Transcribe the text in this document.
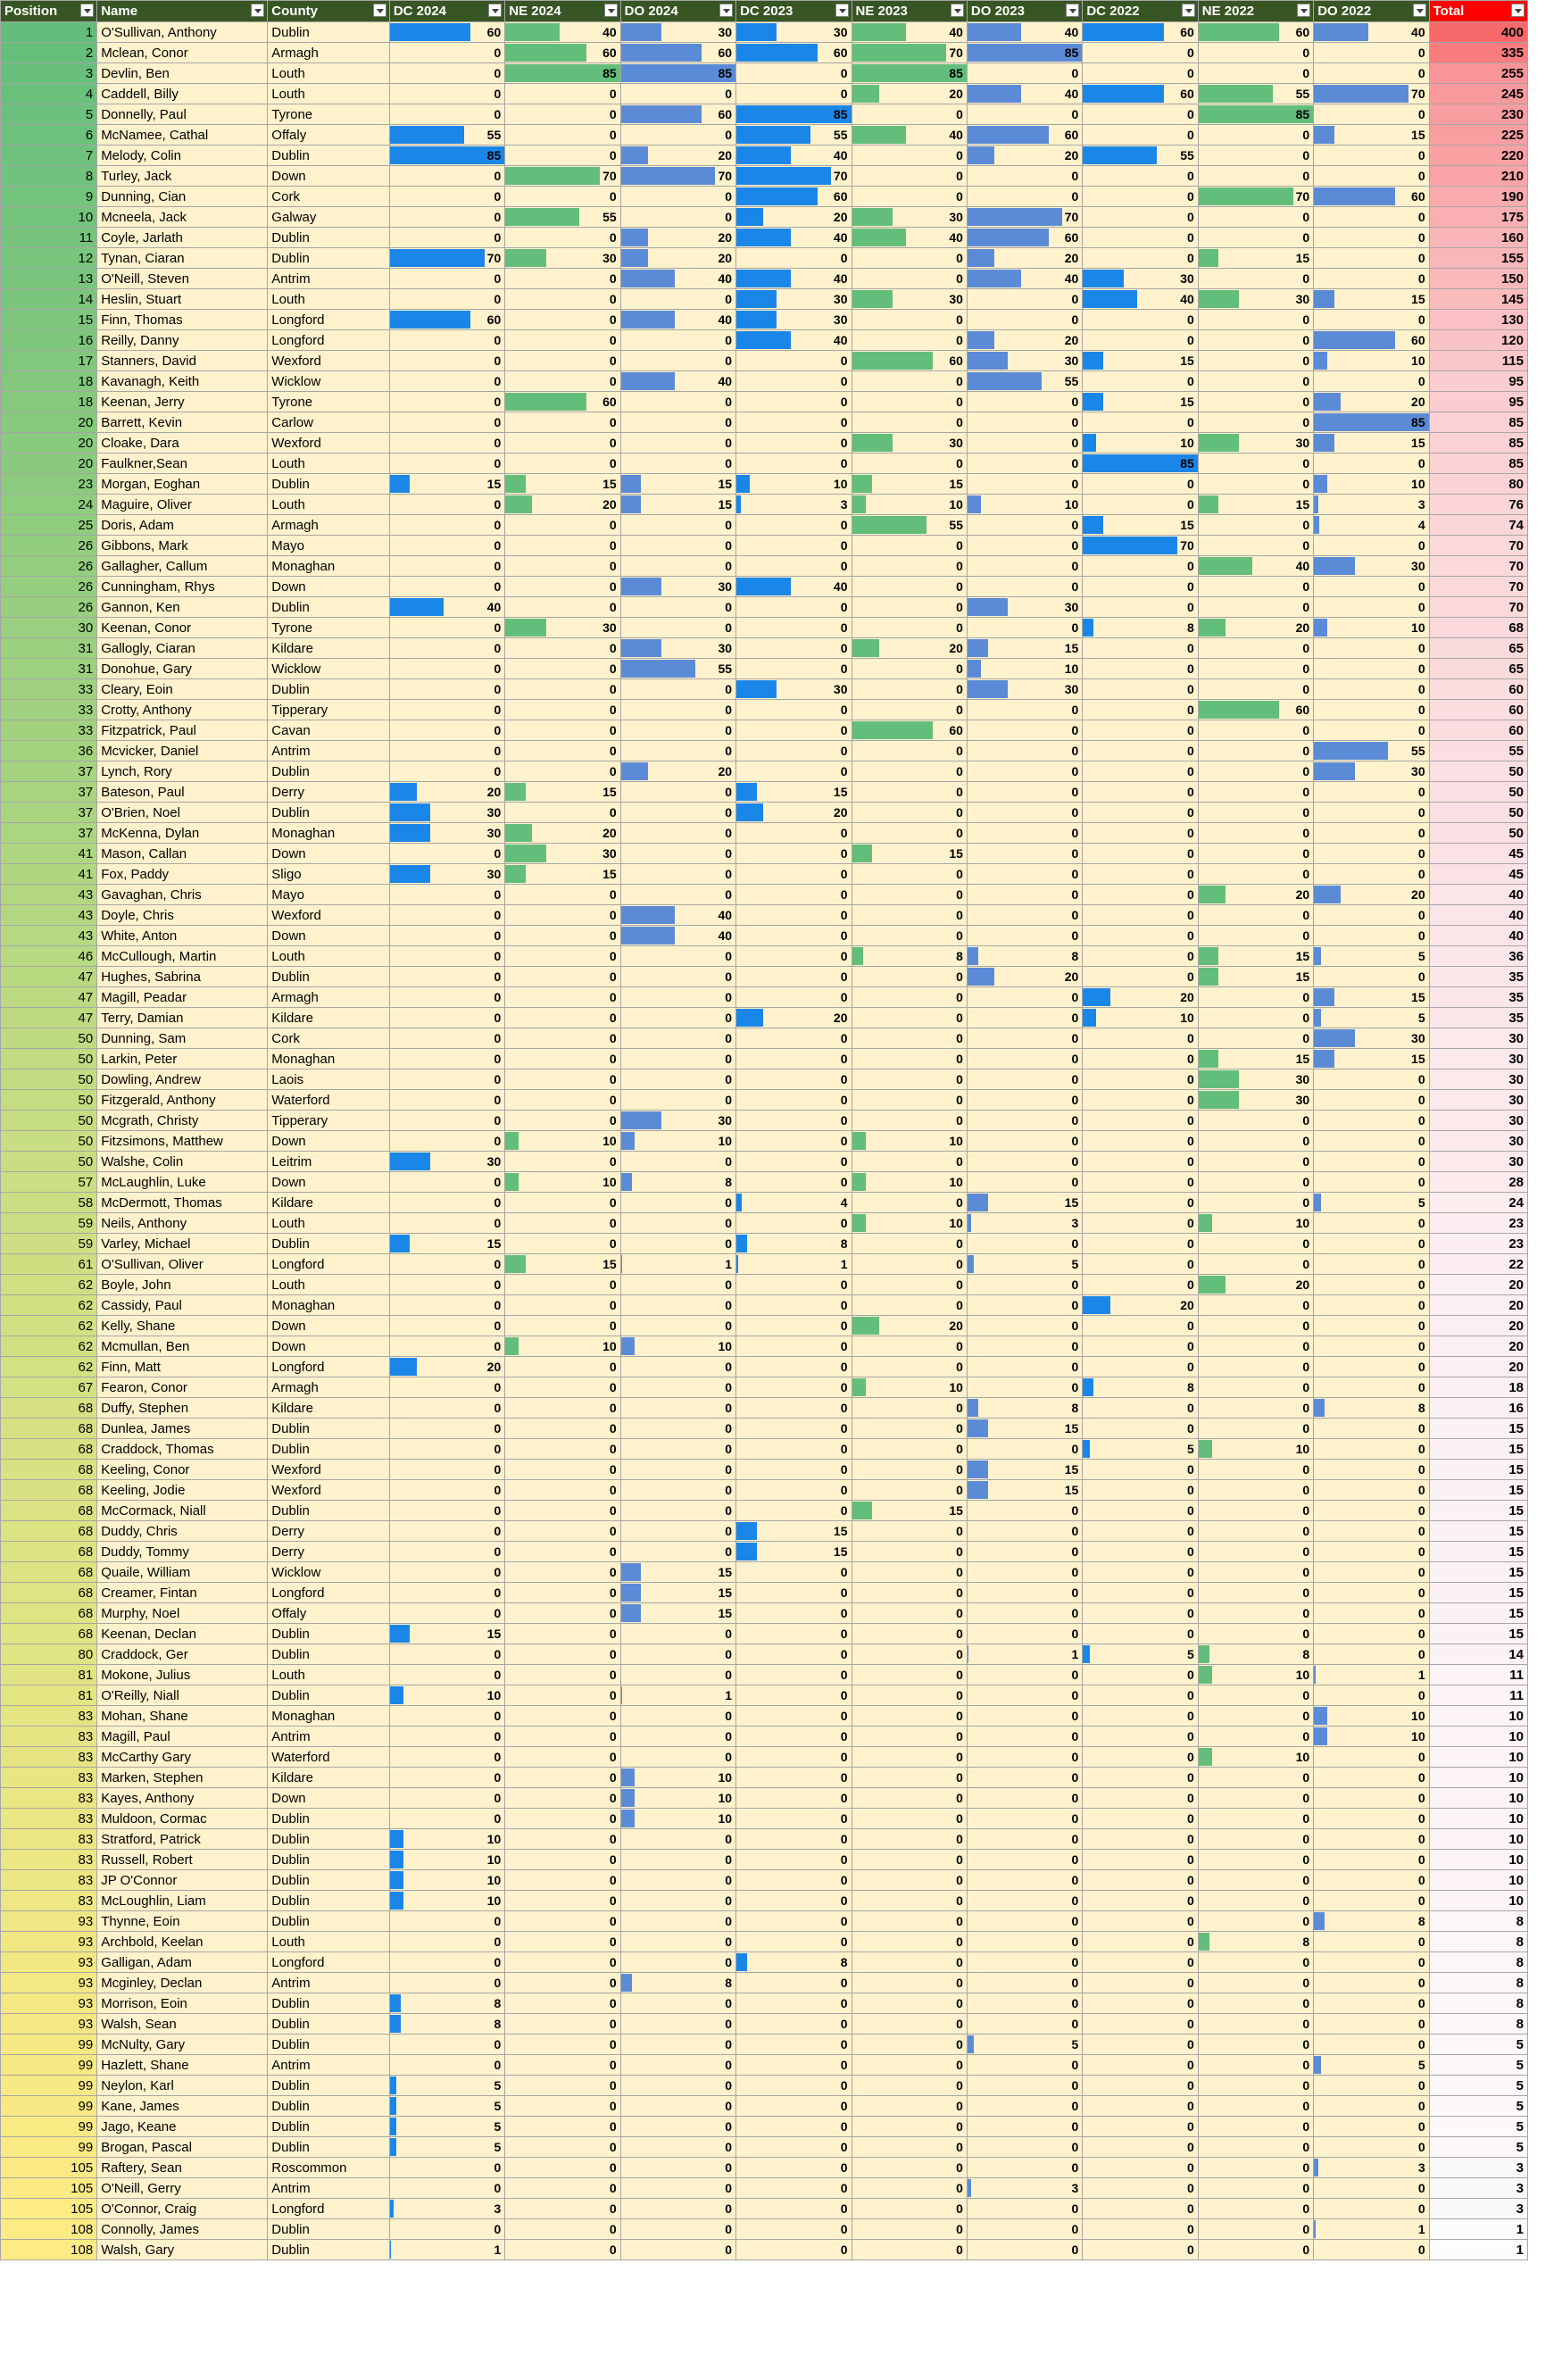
Position	Name	County	DC 2024	NE 2024	DO 2024	DC 2023	NE 2023	DO 2023	DC 2022	NE 2022	DO 2022	Total

1	O'Sullivan, Anthony	Dublin	60	40	30	30	40	40	60	60	40	400
2	Mclean, Conor	Armagh	0	60	60	60	70	85	0	0	0	335
3	Devlin, Ben	Louth	0	85	85	0	85	0	0	0	0	255
4	Caddell, Billy	Louth	0	0	0	0	20	40	60	55	70	245
5	Donnelly, Paul	Tyrone	0	0	60	85	0	0	0	85	0	230
6	McNamee, Cathal	Offaly	55	0	0	55	40	60	0	0	15	225
7	Melody, Colin	Dublin	85	0	20	40	0	20	55	0	0	220
8	Turley, Jack	Down	0	70	70	70	0	0	0	0	0	210
9	Dunning, Cian	Cork	0	0	0	60	0	0	0	70	60	190
10	Mcneela, Jack	Galway	0	55	0	20	30	70	0	0	0	175
11	Coyle, Jarlath	Dublin	0	0	20	40	40	60	0	0	0	160
12	Tynan, Ciaran	Dublin	70	30	20	0	0	20	0	15	0	155
13	O'Neill, Steven	Antrim	0	0	40	40	0	40	30	0	0	150
14	Heslin, Stuart	Louth	0	0	0	30	30	0	40	30	15	145
15	Finn, Thomas	Longford	60	0	40	30	0	0	0	0	0	130
16	Reilly, Danny	Longford	0	0	0	40	0	20	0	0	60	120
17	Stanners, David	Wexford	0	0	0	0	60	30	15	0	10	115
18	Kavanagh, Keith	Wicklow	0	0	40	0	0	55	0	0	0	95
18	Keenan, Jerry	Tyrone	0	60	0	0	0	0	15	0	20	95
20	Barrett, Kevin	Carlow	0	0	0	0	0	0	0	0	85	85
20	Cloake, Dara	Wexford	0	0	0	0	30	0	10	30	15	85
20	Faulkner,Sean	Louth	0	0	0	0	0	0	85	0	0	85
23	Morgan, Eoghan	Dublin	15	15	15	10	15	0	0	0	10	80
24	Maguire, Oliver	Louth	0	20	15	3	10	10	0	15	3	76
25	Doris, Adam	Armagh	0	0	0	0	55	0	15	0	4	74
26	Gibbons, Mark	Mayo	0	0	0	0	0	0	70	0	0	70
26	Gallagher, Callum	Monaghan	0	0	0	0	0	0	0	40	30	70
26	Cunningham, Rhys	Down	0	0	30	40	0	0	0	0	0	70
26	Gannon, Ken	Dublin	40	0	0	0	0	30	0	0	0	70
30	Keenan, Conor	Tyrone	0	30	0	0	0	0	8	20	10	68
31	Gallogly, Ciaran	Kildare	0	0	30	0	20	15	0	0	0	65
31	Donohue, Gary	Wicklow	0	0	55	0	0	10	0	0	0	65
33	Cleary, Eoin	Dublin	0	0	0	30	0	30	0	0	0	60
33	Crotty, Anthony	Tipperary	0	0	0	0	0	0	0	60	0	60
33	Fitzpatrick, Paul	Cavan	0	0	0	0	60	0	0	0	0	60
36	Mcvicker, Daniel	Antrim	0	0	0	0	0	0	0	0	55	55
37	Lynch, Rory	Dublin	0	0	20	0	0	0	0	0	30	50
37	Bateson, Paul	Derry	20	15	0	15	0	0	0	0	0	50
37	O'Brien, Noel	Dublin	30	0	0	20	0	0	0	0	0	50
37	McKenna, Dylan	Monaghan	30	20	0	0	0	0	0	0	0	50
41	Mason, Callan	Down	0	30	0	0	15	0	0	0	0	45
41	Fox, Paddy	Sligo	30	15	0	0	0	0	0	0	0	45
43	Gavaghan, Chris	Mayo	0	0	0	0	0	0	0	20	20	40
43	Doyle, Chris	Wexford	0	0	40	0	0	0	0	0	0	40
43	White, Anton	Down	0	0	40	0	0	0	0	0	0	40
46	McCullough, Martin	Louth	0	0	0	0	8	8	0	15	5	36
47	Hughes, Sabrina	Dublin	0	0	0	0	0	20	0	15	0	35
47	Magill, Peadar	Armagh	0	0	0	0	0	0	20	0	15	35
47	Terry, Damian	Kildare	0	0	0	20	0	0	10	0	5	35
50	Dunning, Sam	Cork	0	0	0	0	0	0	0	0	30	30
50	Larkin, Peter	Monaghan	0	0	0	0	0	0	0	15	15	30
50	Dowling, Andrew	Laois	0	0	0	0	0	0	0	30	0	30
50	Fitzgerald, Anthony	Waterford	0	0	0	0	0	0	0	30	0	30
50	Mcgrath, Christy	Tipperary	0	0	30	0	0	0	0	0	0	30
50	Fitzsimons, Matthew	Down	0	10	10	0	10	0	0	0	0	30
50	Walshe, Colin	Leitrim	30	0	0	0	0	0	0	0	0	30
57	McLaughlin, Luke	Down	0	10	8	0	10	0	0	0	0	28
58	McDermott, Thomas	Kildare	0	0	0	4	0	15	0	0	5	24
59	Neils, Anthony	Louth	0	0	0	0	10	3	0	10	0	23
59	Varley, Michael	Dublin	15	0	0	8	0	0	0	0	0	23
61	O'Sullivan, Oliver	Longford	0	15	1	1	0	5	0	0	0	22
62	Boyle, John	Louth	0	0	0	0	0	0	0	20	0	20
62	Cassidy, Paul	Monaghan	0	0	0	0	0	0	20	0	0	20
62	Kelly, Shane	Down	0	0	0	0	20	0	0	0	0	20
62	Mcmullan, Ben	Down	0	10	10	0	0	0	0	0	0	20
62	Finn, Matt	Longford	20	0	0	0	0	0	0	0	0	20
67	Fearon, Conor	Armagh	0	0	0	0	10	0	8	0	0	18
68	Duffy, Stephen	Kildare	0	0	0	0	0	8	0	0	8	16
68	Dunlea, James	Dublin	0	0	0	0	0	15	0	0	0	15
68	Craddock, Thomas	Dublin	0	0	0	0	0	0	5	10	0	15
68	Keeling, Conor	Wexford	0	0	0	0	0	15	0	0	0	15
68	Keeling, Jodie	Wexford	0	0	0	0	0	15	0	0	0	15
68	McCormack, Niall	Dublin	0	0	0	0	15	0	0	0	0	15
68	Duddy, Chris	Derry	0	0	0	15	0	0	0	0	0	15
68	Duddy, Tommy	Derry	0	0	0	15	0	0	0	0	0	15
68	Quaile, William	Wicklow	0	0	15	0	0	0	0	0	0	15
68	Creamer, Fintan	Longford	0	0	15	0	0	0	0	0	0	15
68	Murphy, Noel	Offaly	0	0	15	0	0	0	0	0	0	15
68	Keenan, Declan	Dublin	15	0	0	0	0	0	0	0	0	15
80	Craddock, Ger	Dublin	0	0	0	0	0	1	5	8	0	14
81	Mokone, Julius	Louth	0	0	0	0	0	0	0	10	1	11
81	O'Reilly, Niall	Dublin	10	0	1	0	0	0	0	0	0	11
83	Mohan, Shane	Monaghan	0	0	0	0	0	0	0	0	10	10
83	Magill, Paul	Antrim	0	0	0	0	0	0	0	0	10	10
83	McCarthy Gary	Waterford	0	0	0	0	0	0	0	10	0	10
83	Marken, Stephen	Kildare	0	0	10	0	0	0	0	0	0	10
83	Kayes, Anthony	Down	0	0	10	0	0	0	0	0	0	10
83	Muldoon, Cormac	Dublin	0	0	10	0	0	0	0	0	0	10
83	Stratford, Patrick	Dublin	10	0	0	0	0	0	0	0	0	10
83	Russell, Robert	Dublin	10	0	0	0	0	0	0	0	0	10
83	JP O'Connor	Dublin	10	0	0	0	0	0	0	0	0	10
83	McLoughlin, Liam	Dublin	10	0	0	0	0	0	0	0	0	10
93	Thynne, Eoin	Dublin	0	0	0	0	0	0	0	0	8	8
93	Archbold, Keelan	Louth	0	0	0	0	0	0	0	8	0	8
93	Galligan, Adam	Longford	0	0	0	8	0	0	0	0	0	8
93	Mcginley, Declan	Antrim	0	0	8	0	0	0	0	0	0	8
93	Morrison, Eoin	Dublin	8	0	0	0	0	0	0	0	0	8
93	Walsh, Sean	Dublin	8	0	0	0	0	0	0	0	0	8
99	McNulty, Gary	Dublin	0	0	0	0	0	5	0	0	0	5
99	Hazlett, Shane	Antrim	0	0	0	0	0	0	0	0	5	5
99	Neylon, Karl	Dublin	5	0	0	0	0	0	0	0	0	5
99	Kane, James	Dublin	5	0	0	0	0	0	0	0	0	5
99	Jago, Keane	Dublin	5	0	0	0	0	0	0	0	0	5
99	Brogan, Pascal	Dublin	5	0	0	0	0	0	0	0	0	5
105	Raftery, Sean	Roscommon	0	0	0	0	0	0	0	0	3	3
105	O'Neill, Gerry	Antrim	0	0	0	0	0	3	0	0	0	3
105	O'Connor, Craig	Longford	3	0	0	0	0	0	0	0	0	3
108	Connolly, James	Dublin	0	0	0	0	0	0	0	0	1	1
108	Walsh, Gary	Dublin	1	0	0	0	0	0	0	0	0	1
